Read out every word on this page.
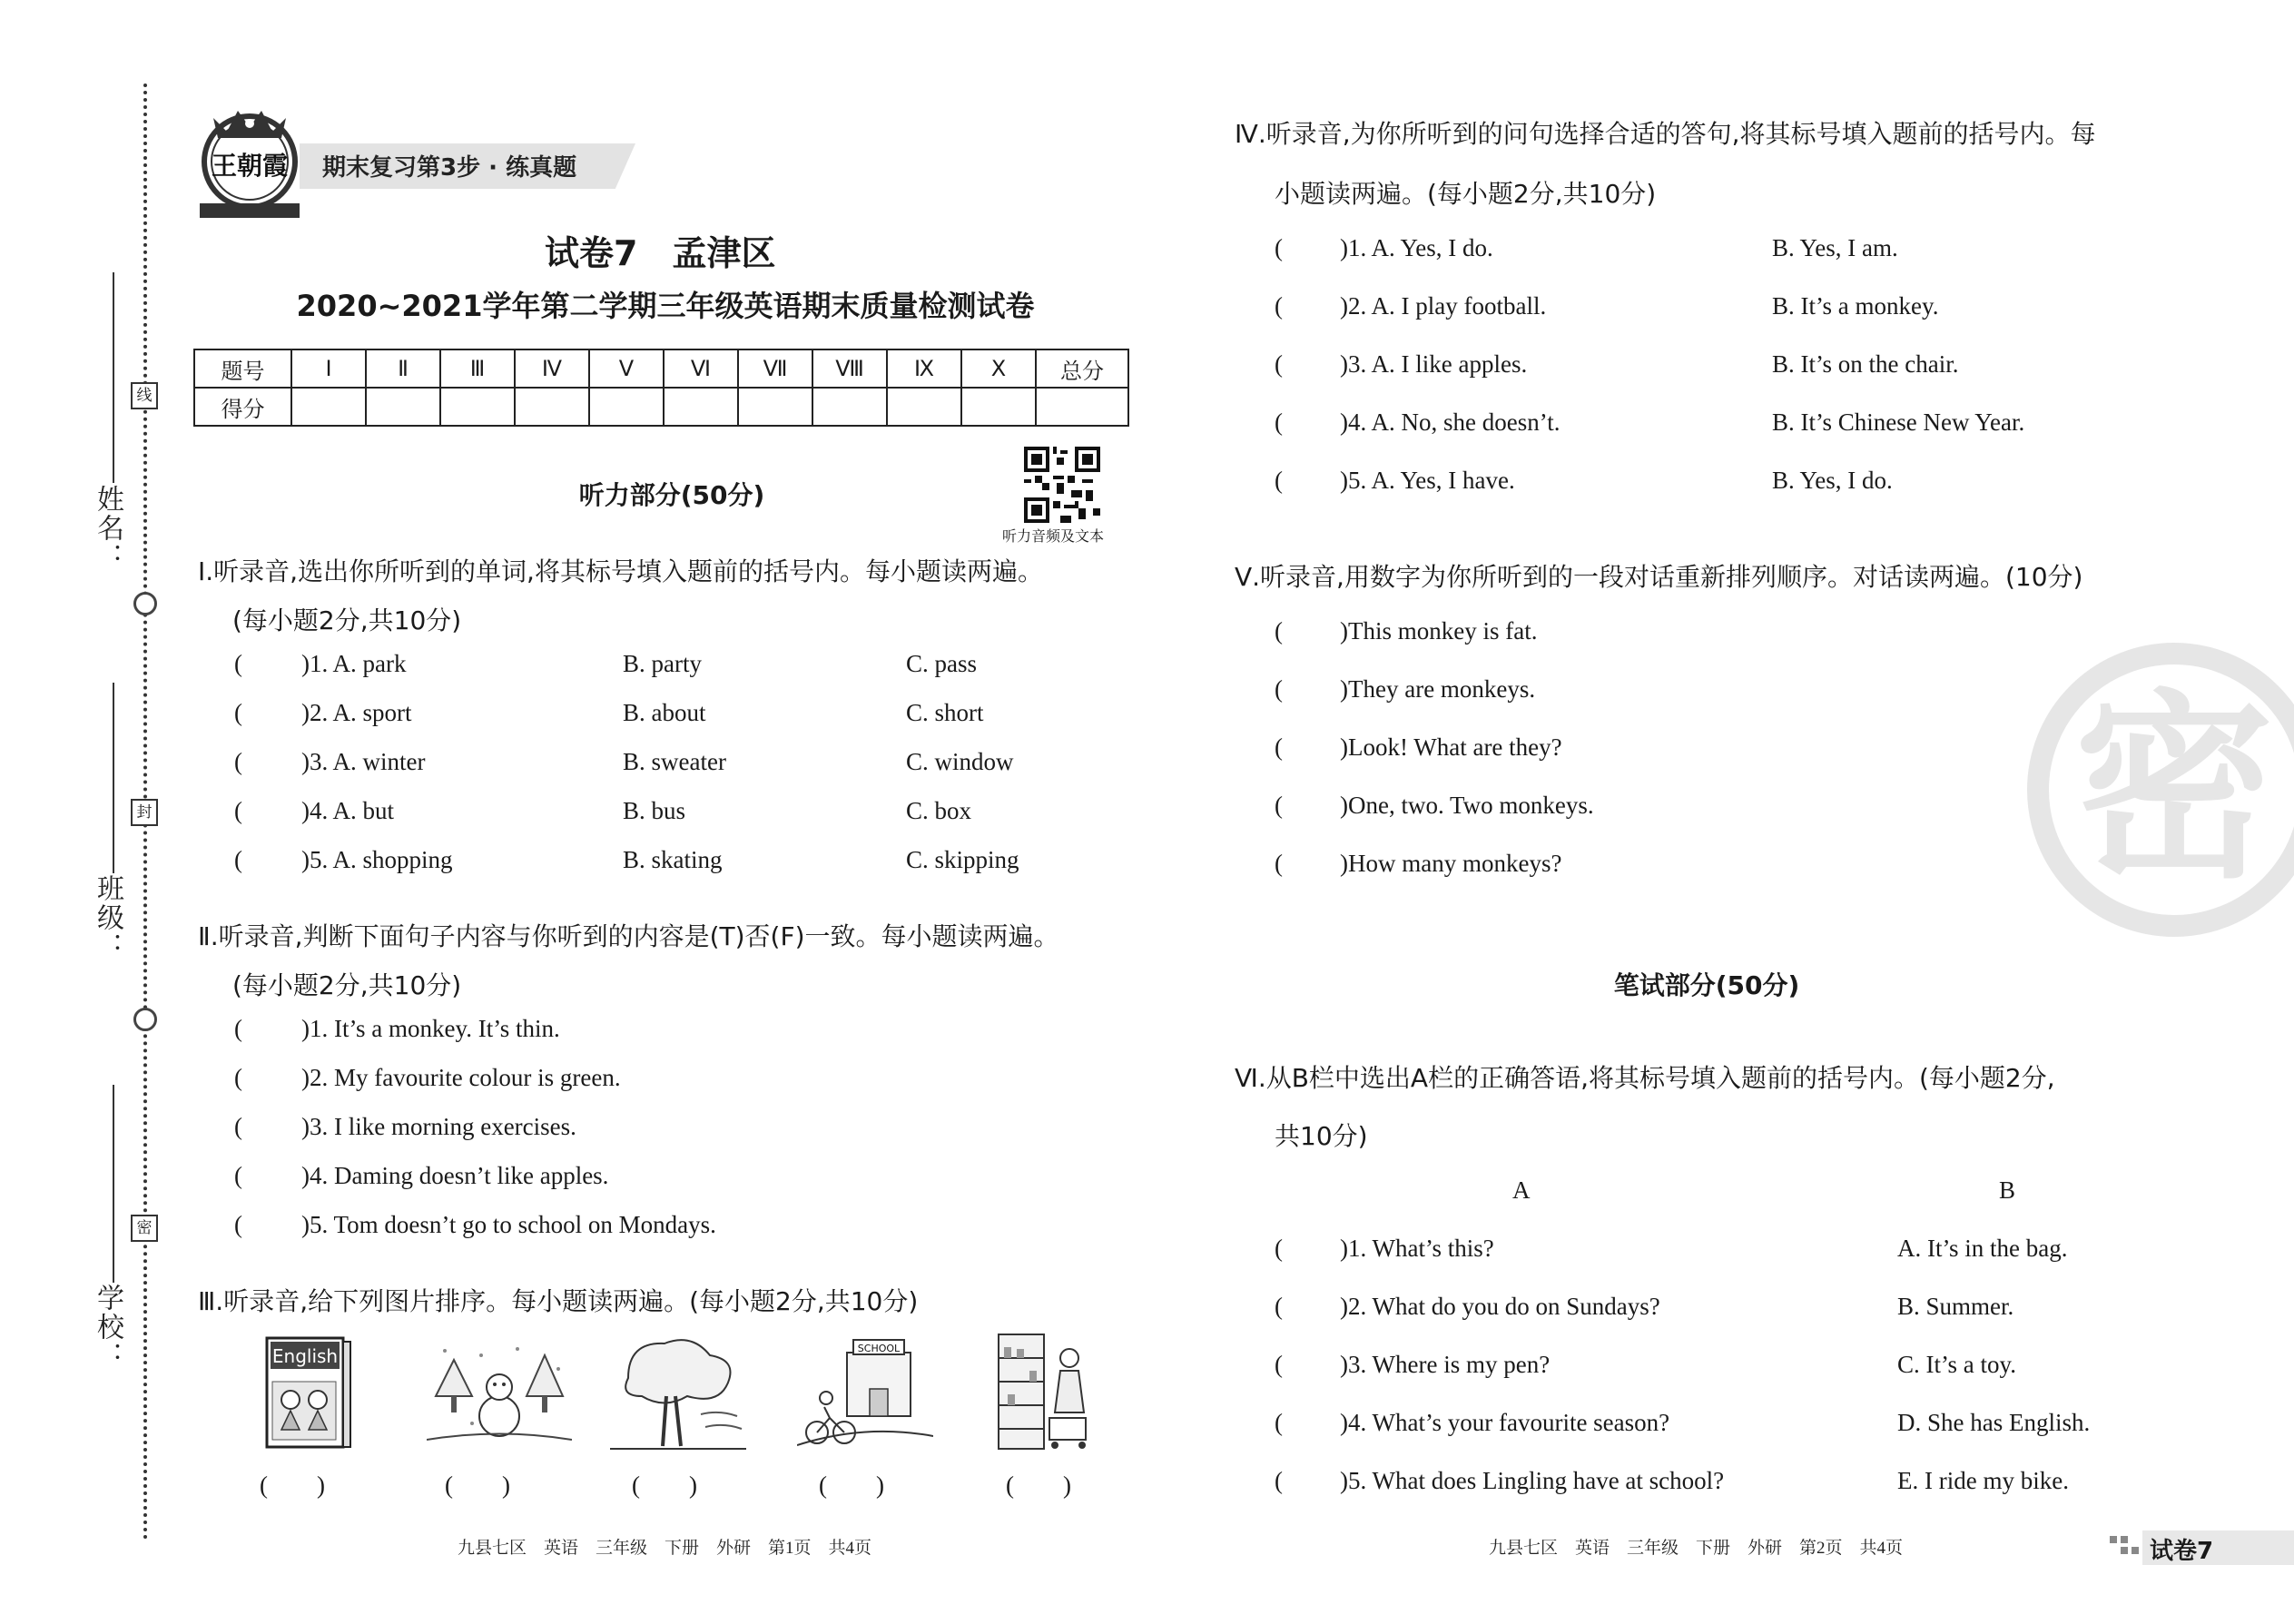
姓名：
班级：
学校：
线
封
密
王朝霞 期末复习第3步 · 练真题
试卷7　孟津区
2020~2021学年第二学期三年级英语期末质量检测试卷
题号	Ⅰ	Ⅱ	Ⅲ	Ⅳ	Ⅴ	Ⅵ	Ⅶ	Ⅷ	Ⅸ	Ⅹ	总分
得分											
听力音频及文本
听力部分(50分)
Ⅰ.听录音,选出你所听到的单词,将其标号填入题前的括号内。每小题读两遍。
(每小题2分,共10分)
( )1. A. park	B. party	C. pass
( )2. A. sport	B. about	C. short
( )3. A. winter	B. sweater	C. window
( )4. A. but	B. bus	C. box
( )5. A. shopping	B. skating	C. skipping
Ⅱ.听录音,判断下面句子内容与你听到的内容是(T)否(F)一致。每小题读两遍。
(每小题2分,共10分)
( )1. It’s a monkey. It’s thin.
( )2. My favourite colour is green.
( )3. I like morning exercises.
( )4. Daming doesn’t like apples.
( )5. Tom doesn’t go to school on Mondays.
Ⅲ.听录音,给下列图片排序。每小题读两遍。(每小题2分,共10分)
English	SCHOOL
(　　)	(　　)	(　　)	(　　)	(　　)
九县七区　英语　三年级　下册　外研　第1页　共4页
密
Ⅳ.听录音,为你所听到的问句选择合适的答句,将其标号填入题前的括号内。每
小题读两遍。(每小题2分,共10分)
( )1. A. Yes, I do.	B. Yes, I am.
( )2. A. I play football.	B. It’s a monkey.
( )3. A. I like apples.	B. It’s on the chair.
( )4. A. No, she doesn’t.	B. It’s Chinese New Year.
( )5. A. Yes, I have.	B. Yes, I do.
Ⅴ.听录音,用数字为你所听到的一段对话重新排列顺序。对话读两遍。(10分)
( )This monkey is fat.
( )They are monkeys.
( )Look! What are they?
( )One, two. Two monkeys.
( )How many monkeys?
笔试部分(50分)
Ⅵ.从B栏中选出A栏的正确答语,将其标号填入题前的括号内。(每小题2分,
共10分)
A	B
( )1. What’s this?	A. It’s in the bag.
( )2. What do you do on Sundays?	B. Summer.
( )3. Where is my pen?	C. It’s a toy.
( )4. What’s your favourite season?	D. She has English.
( )5. What does Lingling have at school?	E. I ride my bike.
九县七区　英语　三年级　下册　外研　第2页　共4页	试卷7
